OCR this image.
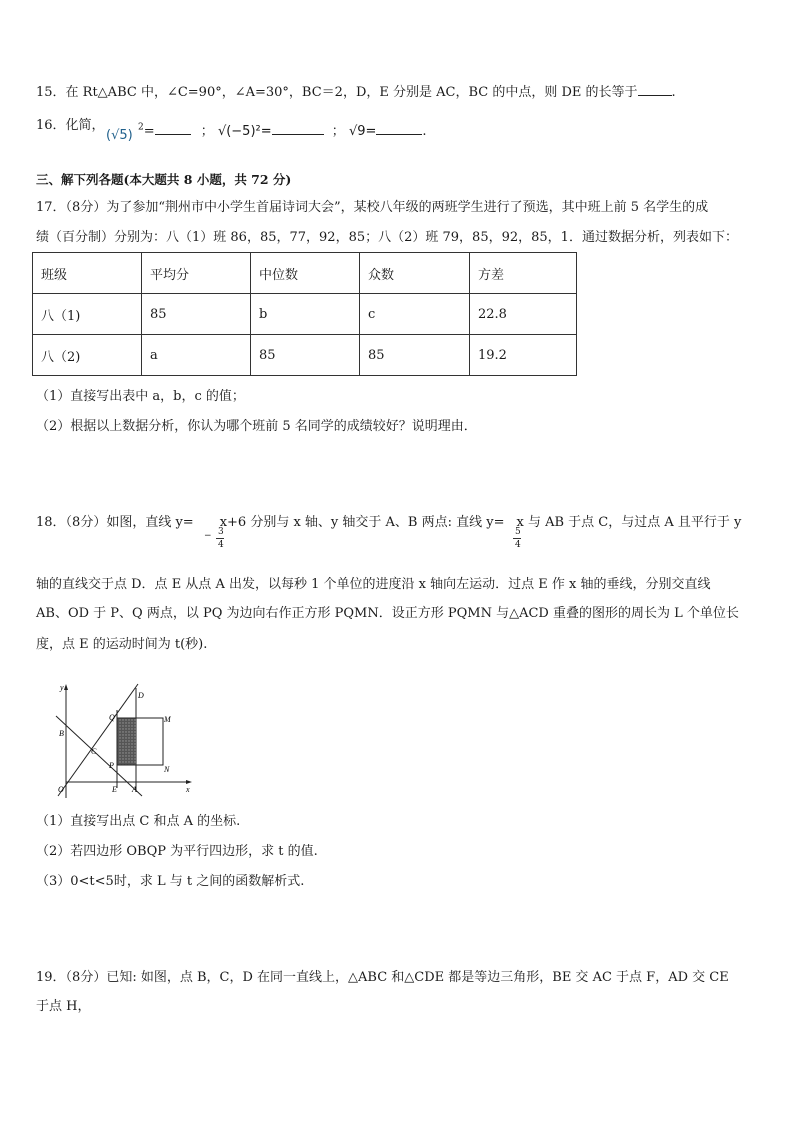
15．在 Rt△ABC 中，∠C=90°，∠A=30°，BC＝2，D，E 分别是 AC，BC 的中点，则 DE 的长等于	.
16．化简，
(√5)
$^2$=	； √(−5)²=	； √9=	.
三、解下列各题(本大题共 8 小题，共 72 分)
17．（8分）为了参加“荆州市中小学生首届诗词大会”，某校八年级的两班学生进行了预选，其中班上前 5 名学生的成
绩（百分制）分别为：八（1）班 86，85，77，92，85；八（2）班 79，85，92，85，1．通过数据分析，列表如下：
班级	平均分	中位数	众数	方差
八（1)	85	b	c	22.8
八（2)	a	85	85	19.2
（1）直接写出表中 a，b，c 的值；
（2）根据以上数据分析，你认为哪个班前 5 名同学的成绩较好？说明理由．
18．（8分）如图，直线 y= x+6 分别与 x 轴、y 轴交于 A、B 两点: 直线 y= x 与 AB 于点 C，与过点 A 且平行于 y
− 3
4
5
4
轴的直线交于点 D．点 E 从点 A 出发，以每秒 1 个单位的进度沿 x 轴向左运动．过点 E 作 x 轴的垂线，分别交直线
AB、OD 于 P、Q 两点，以 PQ 为边向右作正方形 PQMN．设正方形 PQMN 与△ACD 重叠的图形的周长为 L 个单位长
度，点 E 的运动时间为 t(秒).
y
x
O
B
C
D
Q	M
P	N
E A
（1）直接写出点 C 和点 A 的坐标.
（2）若四边形 OBQP 为平行四边形，求 t 的值.
（3）0<t<5时，求 L 与 t 之间的函数解析式.
19．（8分）已知: 如图，点 B，C，D 在同一直线上，△ABC 和△CDE 都是等边三角形，BE 交 AC 于点 F，AD 交 CE
于点 H，
